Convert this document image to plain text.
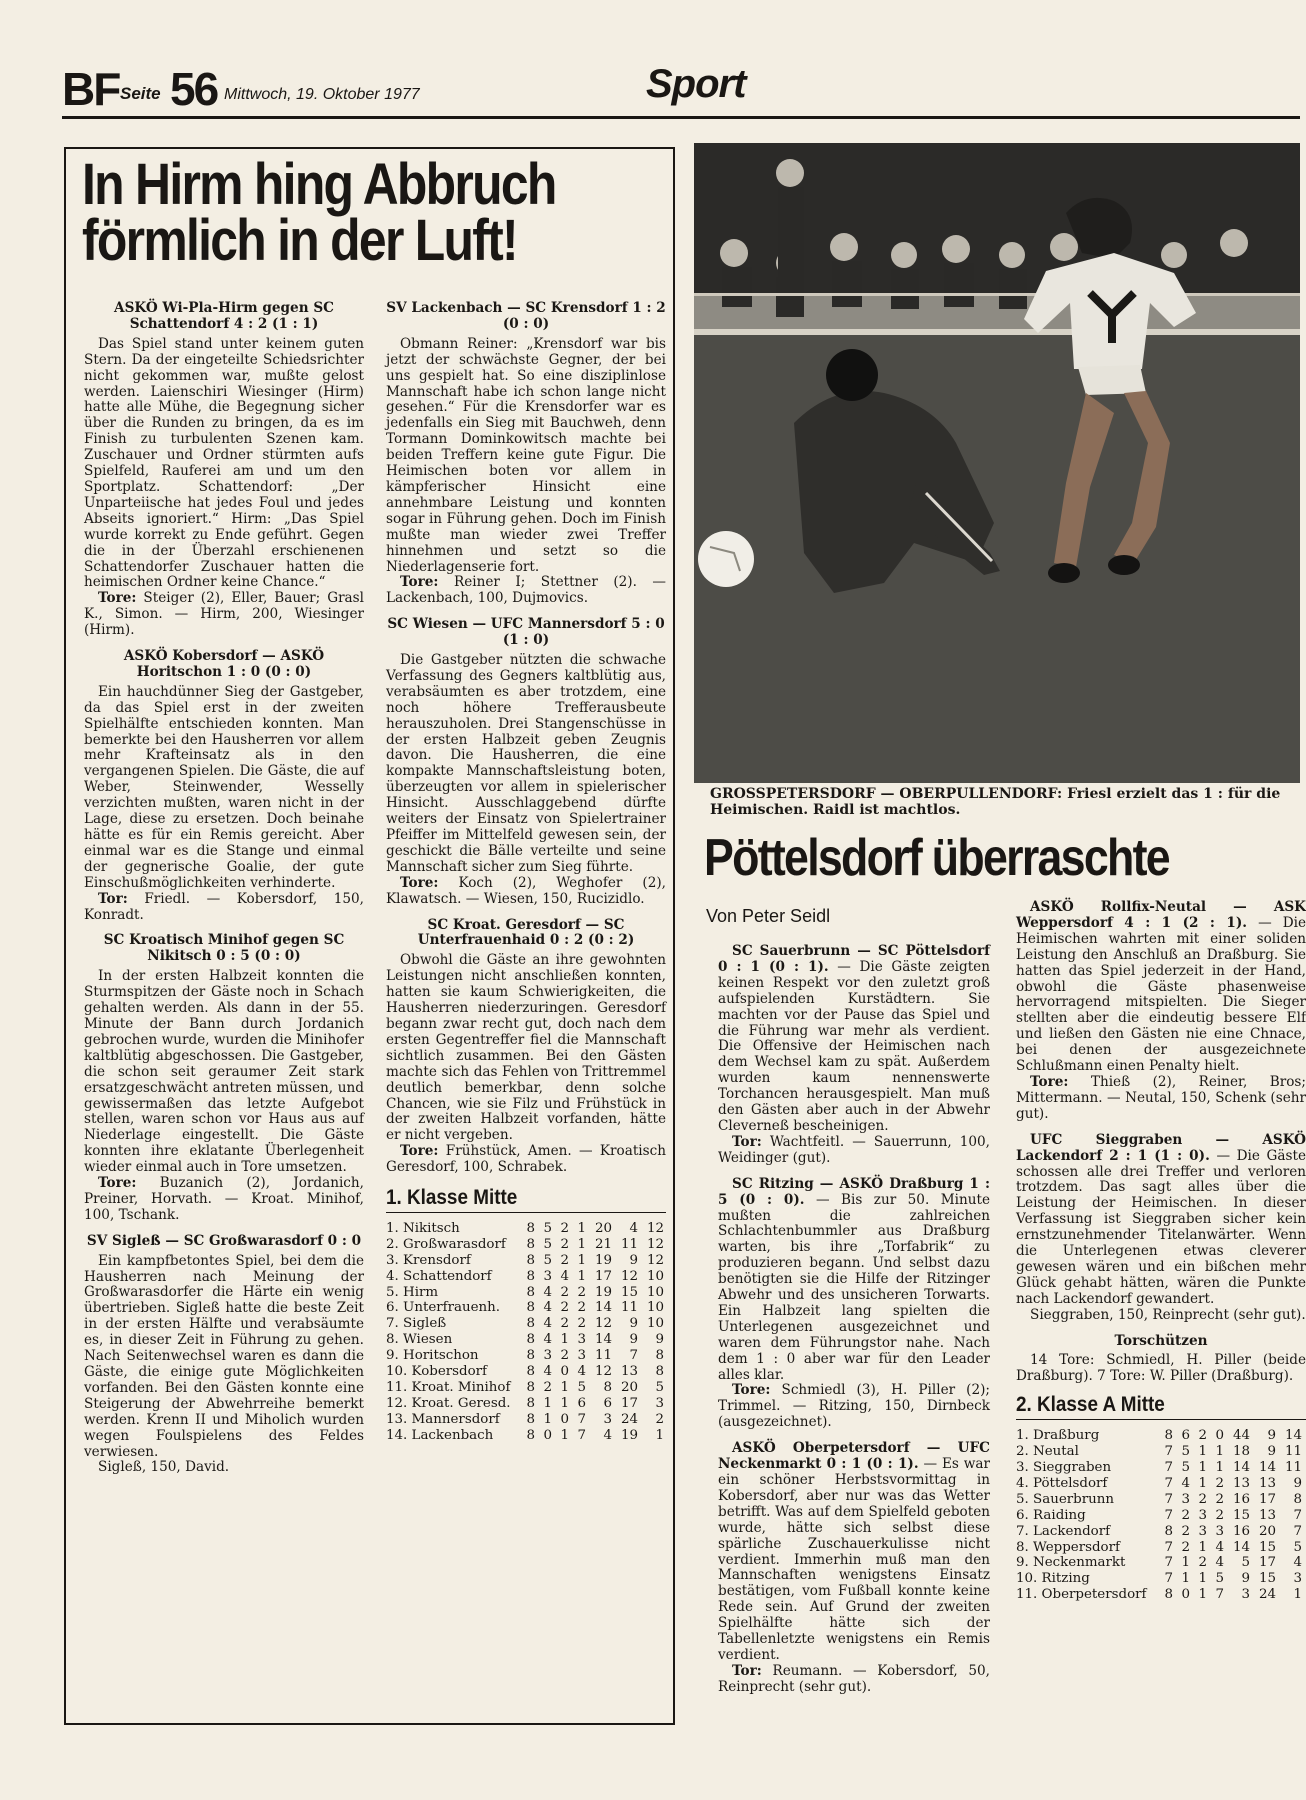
BF Seite 56 Mittwoch, 19. Oktober 1977	Sport
In Hirm hing Abbruch
förmlich in der Luft!
ASKÖ Wi-Pla-Hirm gegen SC Schattendorf 4 : 2 (1 : 1)

Das Spiel stand unter keinem guten Stern. Da der eingeteilte Schiedsrichter nicht gekommen war, mußte gelost werden. Laienschiri Wiesinger (Hirm) hatte alle Mühe, die Begegnung sicher über die Runden zu bringen, da es im Finish zu turbulenten Szenen kam. Zuschauer und Ordner stürmten aufs Spielfeld, Rauferei am und um den Sportplatz. Schattendorf: „Der Unparteiische hat jedes Foul und jedes Abseits ignoriert.“ Hirm: „Das Spiel wurde korrekt zu Ende geführt. Gegen die in der Überzahl erschienenen Schattendorfer Zuschauer hatten die heimischen Ordner keine Chance.“

Tore: Steiger (2), Eller, Bauer; Grasl K., Simon. — Hirm, 200, Wiesinger (Hirm).

ASKÖ Kobersdorf — ASKÖ Horitschon 1 : 0 (0 : 0)

Ein hauchdünner Sieg der Gastgeber, da das Spiel erst in der zweiten Spielhälfte entschieden konnten. Man bemerkte bei den Hausherren vor allem mehr Krafteinsatz als in den vergangenen Spielen. Die Gäste, die auf Weber, Steinwender, Wesselly verzichten mußten, waren nicht in der Lage, diese zu ersetzen. Doch beinahe hätte es für ein Remis gereicht. Aber einmal war es die Stange und einmal der gegnerische Goalie, der gute Einschußmöglichkeiten verhinderte.

Tor: Friedl. — Kobersdorf, 150, Konradt.

SC Kroatisch Minihof gegen SC Nikitsch 0 : 5 (0 : 0)

In der ersten Halbzeit konnten die Sturmspitzen der Gäste noch in Schach gehalten werden. Als dann in der 55. Minute der Bann durch Jordanich gebrochen wurde, wurden die Minihofer kaltblütig abgeschossen. Die Gastgeber, die schon seit geraumer Zeit stark ersatzgeschwächt antreten müssen, und gewissermaßen das letzte Aufgebot stellen, waren schon vor Haus aus auf Niederlage eingestellt. Die Gäste konnten ihre eklatante Überlegenheit wieder einmal auch in Tore umsetzen.

Tore: Buzanich (2), Jordanich, Preiner, Horvath. — Kroat. Minihof, 100, Tschank.

SV Sigleß — SC Großwarasdorf 0 : 0

Ein kampfbetontes Spiel, bei dem die Hausherren nach Meinung der Großwarasdorfer die Härte ein wenig übertrieben. Sigleß hatte die beste Zeit in der ersten Hälfte und verabsäumte es, in dieser Zeit in Führung zu gehen. Nach Seitenwechsel waren es dann die Gäste, die einige gute Möglichkeiten vorfanden. Bei den Gästen konnte eine Steigerung der Abwehrreihe bemerkt werden. Krenn II und Miholich wurden wegen Foulspielens des Feldes verwiesen.

Sigleß, 150, David.

SV Lackenbach — SC Krensdorf 1 : 2 (0 : 0)

Obmann Reiner: „Krensdorf war bis jetzt der schwächste Gegner, der bei uns gespielt hat. So eine disziplinlose Mannschaft habe ich schon lange nicht gesehen.“ Für die Krensdorfer war es jedenfalls ein Sieg mit Bauchweh, denn Tormann Dominkowitsch machte bei beiden Treffern keine gute Figur. Die Heimischen boten vor allem in kämpferischer Hinsicht eine annehmbare Leistung und konnten sogar in Führung gehen. Doch im Finish mußte man wieder zwei Treffer hinnehmen und setzt so die Niederlagenserie fort.

Tore: Reiner I; Stettner (2). — Lackenbach, 100, Dujmovics.

SC Wiesen — UFC Mannersdorf 5 : 0 (1 : 0)

Die Gastgeber nützten die schwache Verfassung des Gegners kaltblütig aus, verabsäumten es aber trotzdem, eine noch höhere Trefferausbeute herauszuholen. Drei Stangenschüsse in der ersten Halbzeit geben Zeugnis davon. Die Hausherren, die eine kompakte Mannschaftsleistung boten, überzeugten vor allem in spielerischer Hinsicht. Ausschlaggebend dürfte weiters der Einsatz von Spielertrainer Pfeiffer im Mittelfeld gewesen sein, der geschickt die Bälle verteilte und seine Mannschaft sicher zum Sieg führte.

Tore: Koch (2), Weghofer (2), Klawatsch. — Wiesen, 150, Rucizidlo.

SC Kroat. Geresdorf — SC Unterfrauenhaid 0 : 2 (0 : 2)

Obwohl die Gäste an ihre gewohnten Leistungen nicht anschließen konnten, hatten sie kaum Schwierigkeiten, die Hausherren niederzuringen. Geresdorf begann zwar recht gut, doch nach dem ersten Gegentreffer fiel die Mannschaft sichtlich zusammen. Bei den Gästen machte sich das Fehlen von Trittremmel deutlich bemerkbar, denn solche Chancen, wie sie Filz und Frühstück in der zweiten Halbzeit vorfanden, hätte er nicht vergeben.

Tore: Frühstück, Amen. — Kroatisch Geresdorf, 100, Schrabek.

1. Klasse Mitte
1. Nikitsch	8	5	2	1	20	4	12
2. Großwarasdorf	8	5	2	1	21	11	12
3. Krensdorf	8	5	2	1	19	9	12
4. Schattendorf	8	3	4	1	17	12	10
5. Hirm	8	4	2	2	19	15	10
6. Unterfrauenh.	8	4	2	2	14	11	10
7. Sigleß	8	4	2	2	12	9	10
8. Wiesen	8	4	1	3	14	9	9
9. Horitschon	8	3	2	3	11	7	8
10. Kobersdorf	8	4	0	4	12	13	8
11. Kroat. Minihof	8	2	1	5	8	20	5
12. Kroat. Geresd.	8	1	1	6	6	17	3
13. Mannersdorf	8	1	0	7	3	24	2
14. Lackenbach	8	0	1	7	4	19	1
GROSSPETERSDORF — OBERPULLENDORF: Friesl erzielt das 1 : für die Heimischen. Raidl ist machtlos.
Pöttelsdorf überraschte
Von Peter Seidl

SC Sauerbrunn — SC Pöttelsdorf 0 : 1 (0 : 1). — Die Gäste zeigten keinen Respekt vor den zuletzt groß aufspielenden Kurstädtern. Sie machten vor der Pause das Spiel und die Führung war mehr als verdient. Die Offensive der Heimischen nach dem Wechsel kam zu spät. Außerdem wurden kaum nennenswerte Torchancen herausgespielt. Man muß den Gästen aber auch in der Abwehr Cleverneß bescheinigen.

Tor: Wachtfeitl. — Sauerrunn, 100, Weidinger (gut).

SC Ritzing — ASKÖ Draßburg 1 : 5 (0 : 0). — Bis zur 50. Minute mußten die zahlreichen Schlachtenbummler aus Draßburg warten, bis ihre „Torfabrik“ zu produzieren begann. Und selbst dazu benötigten sie die Hilfe der Ritzinger Abwehr und des unsicheren Torwarts. Ein Halbzeit lang spielten die Unterlegenen ausgezeichnet und waren dem Führungstor nahe. Nach dem 1 : 0 aber war für den Leader alles klar.

Tore: Schmiedl (3), H. Piller (2); Trimmel. — Ritzing, 150, Dirnbeck (ausgezeichnet).

ASKÖ Oberpetersdorf — UFC Neckenmarkt 0 : 1 (0 : 1). — Es war ein schöner Herbstsvormittag in Kobersdorf, aber nur was das Wetter betrifft. Was auf dem Spielfeld geboten wurde, hätte sich selbst diese spärliche Zuschauerkulisse nicht verdient. Immerhin muß man den Mannschaften wenigstens Einsatz bestätigen, vom Fußball konnte keine Rede sein. Auf Grund der zweiten Spielhälfte hätte sich der Tabellenletzte wenigstens ein Remis verdient.

Tor: Reumann. — Kobersdorf, 50, Reinprecht (sehr gut).

ASKÖ Rollfix-Neutal — ASK Weppersdorf 4 : 1 (2 : 1). — Die Heimischen wahrten mit einer soliden Leistung den Anschluß an Draßburg. Sie hatten das Spiel jederzeit in der Hand, obwohl die Gäste phasenweise hervorragend mitspielten. Die Sieger stellten aber die eindeutig bessere Elf und ließen den Gästen nie eine Chnace, bei denen der ausgezeichnete Schlußmann einen Penalty hielt.

Tore: Thieß (2), Reiner, Bros; Mittermann. — Neutal, 150, Schenk (sehr gut).

UFC Sieggraben — ASKÖ Lackendorf 2 : 1 (1 : 0). — Die Gäste schossen alle drei Treffer und verloren trotzdem. Das sagt alles über die Leistung der Heimischen. In dieser Verfassung ist Sieggraben sicher kein ernstzunehmender Titelanwärter. Wenn die Unterlegenen etwas cleverer gewesen wären und ein bißchen mehr Glück gehabt hätten, wären die Punkte nach Lackendorf gewandert.

Sieggraben, 150, Reinprecht (sehr gut).

Torschützen

14 Tore: Schmiedl, H. Piller (beide Draßburg). 7 Tore: W. Piller (Draßburg).

2. Klasse A Mitte
1. Draßburg	8	6	2	0	44	9	14
2. Neutal	7	5	1	1	18	9	11
3. Sieggraben	7	5	1	1	14	14	11
4. Pöttelsdorf	7	4	1	2	13	13	9
5. Sauerbrunn	7	3	2	2	16	17	8
6. Raiding	7	2	3	2	15	13	7
7. Lackendorf	8	2	3	3	16	20	7
8. Weppersdorf	7	2	1	4	14	15	5
9. Neckenmarkt	7	1	2	4	5	17	4
10. Ritzing	7	1	1	5	9	15	3
11. Oberpetersdorf	8	0	1	7	3	24	1
